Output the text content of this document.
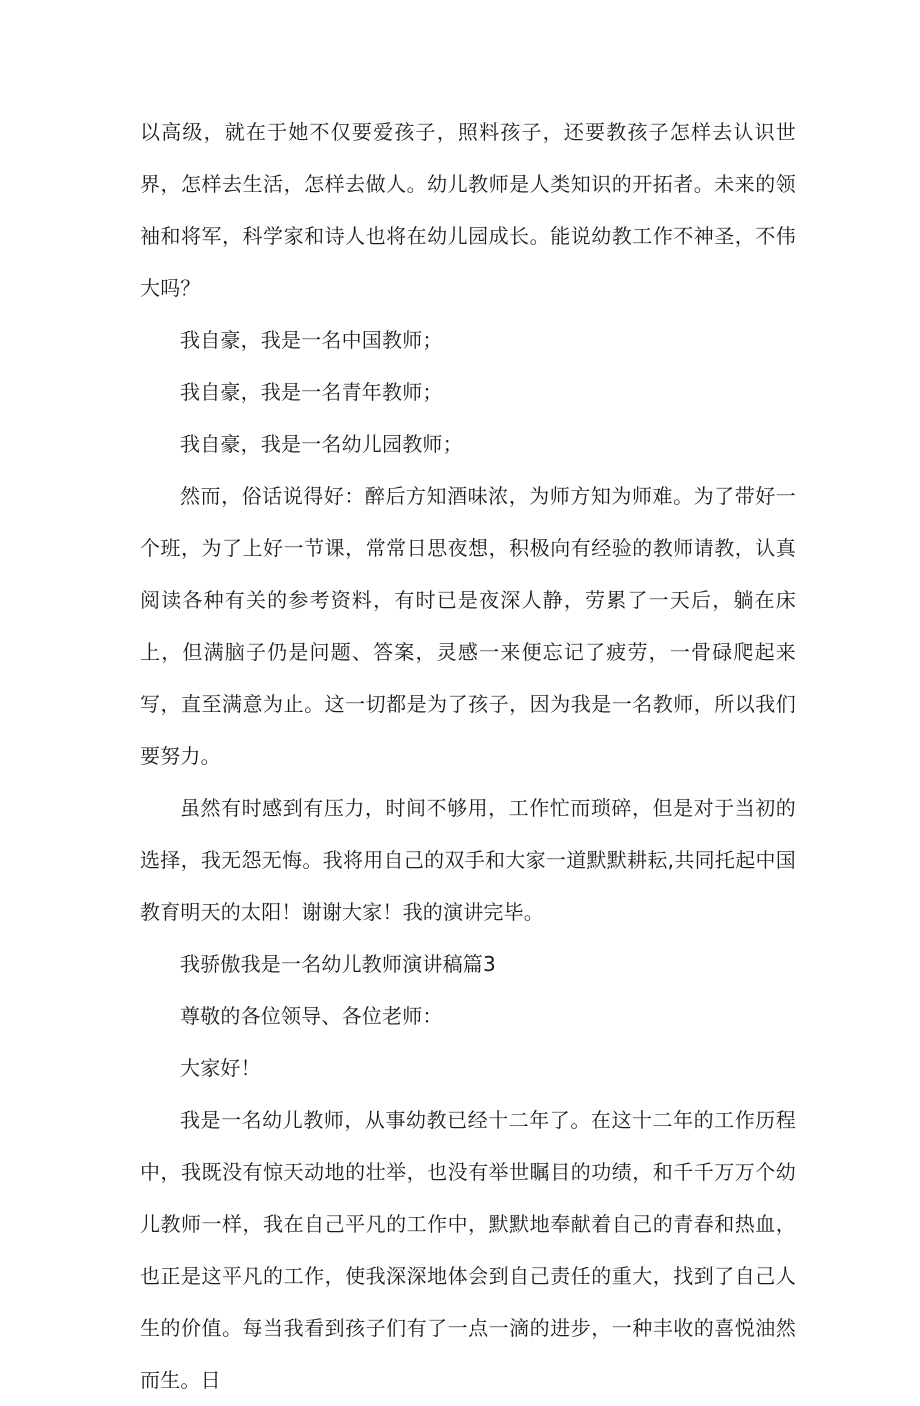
以高级，就在于她不仅要爱孩子，照料孩子，还要教孩子怎样去认识世界，怎样去生活，怎样去做人。幼儿教师是人类知识的开拓者。未来的领袖和将军，科学家和诗人也将在幼儿园成长。能说幼教工作不神圣，不伟大吗？

我自豪，我是一名中国教师；

我自豪，我是一名青年教师；

我自豪，我是一名幼儿园教师；

然而，俗话说得好：醉后方知酒味浓，为师方知为师难。为了带好一个班，为了上好一节课，常常日思夜想，积极向有经验的教师请教，认真阅读各种有关的参考资料，有时已是夜深人静，劳累了一天后，躺在床上，但满脑子仍是问题、答案，灵感一来便忘记了疲劳，一骨碌爬起来写，直至满意为止。这一切都是为了孩子，因为我是一名教师，所以我们要努力。

虽然有时感到有压力，时间不够用，工作忙而琐碎，但是对于当初的选择，我无怨无悔。我将用自己的双手和大家一道默默耕耘,共同托起中国教育明天的太阳！谢谢大家！我的演讲完毕。

我骄傲我是一名幼儿教师演讲稿篇3

尊敬的各位领导、各位老师：

大家好！

我是一名幼儿教师，从事幼教已经十二年了。在这十二年的工作历程中，我既没有惊天动地的壮举，也没有举世瞩目的功绩，和千千万万个幼儿教师一样，我在自己平凡的工作中，默默地奉献着自己的青春和热血，也正是这平凡的工作，使我深深地体会到自己责任的重大，找到了自己人生的价值。每当我看到孩子们有了一点一滴的进步，一种丰收的喜悦油然而生。日
